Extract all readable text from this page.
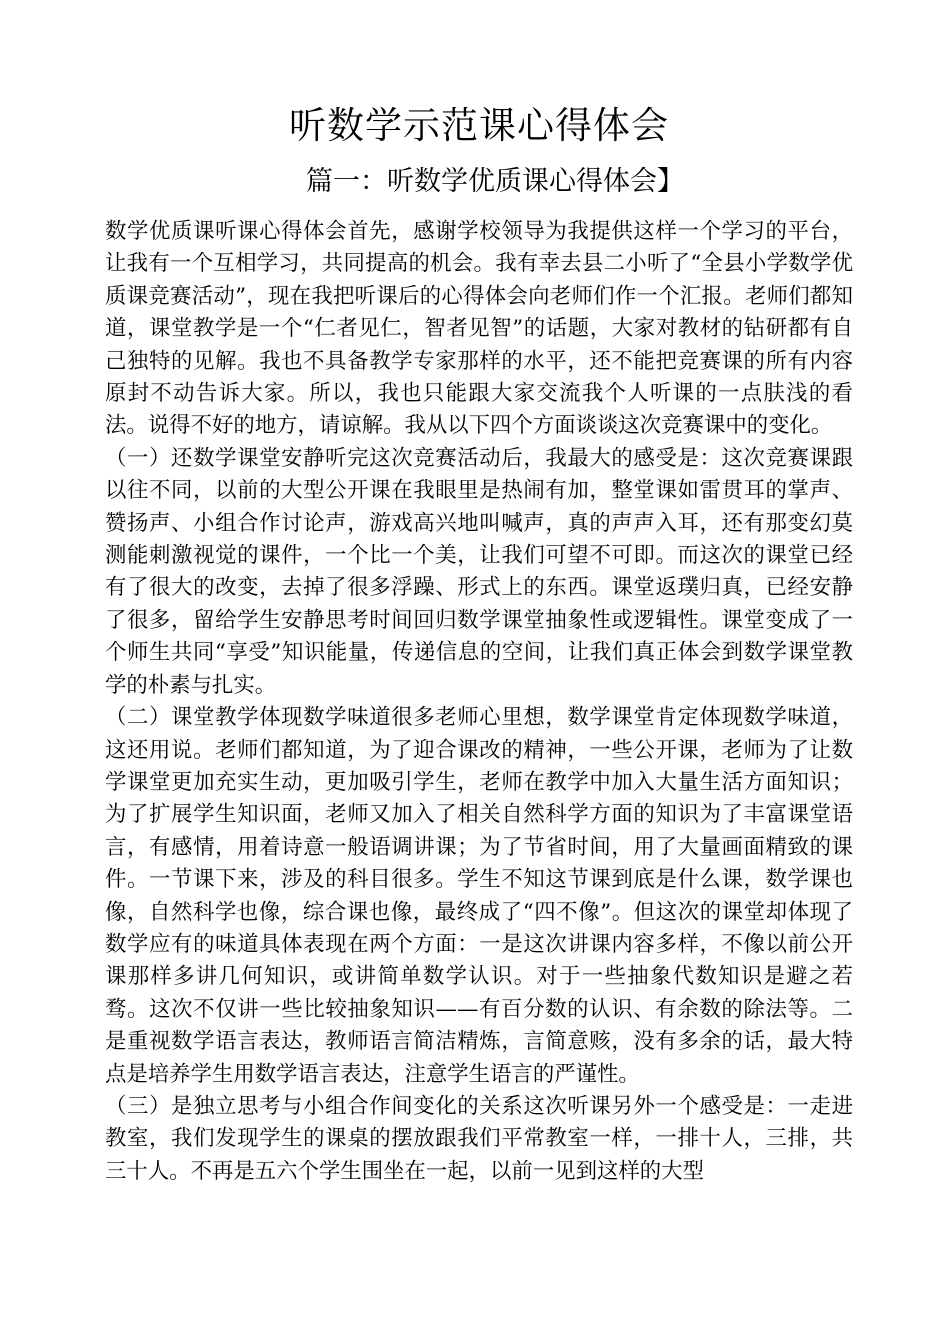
听数学示范课心得体会
篇一：听数学优质课心得体会】

数学优质课听课心得体会首先，感谢学校领导为我提供这样一个学习的平台，让我有一个互相学习，共同提高的机会。我有幸去县二小听了“全县小学数学优质课竞赛活动”，现在我把听课后的心得体会向老师们作一个汇报。老师们都知道，课堂教学是一个“仁者见仁，智者见智”的话题，大家对教材的钻研都有自己独特的见解。我也不具备教学专家那样的水平，还不能把竞赛课的所有内容原封不动告诉大家。所以，我也只能跟大家交流我个人听课的一点肤浅的看法。说得不好的地方，请谅解。我从以下四个方面谈谈这次竞赛课中的变化。

（一）还数学课堂安静听完这次竞赛活动后，我最大的感受是：这次竞赛课跟以往不同，以前的大型公开课在我眼里是热闹有加，整堂课如雷贯耳的掌声、赞扬声、小组合作讨论声，游戏高兴地叫喊声，真的声声入耳，还有那变幻莫测能刺激视觉的课件，一个比一个美，让我们可望不可即。而这次的课堂已经有了很大的改变，去掉了很多浮躁、形式上的东西。课堂返璞归真，已经安静了很多，留给学生安静思考时间回归数学课堂抽象性或逻辑性。课堂变成了一个师生共同“享受”知识能量，传递信息的空间，让我们真正体会到数学课堂教学的朴素与扎实。

（二）课堂教学体现数学味道很多老师心里想，数学课堂肯定体现数学味道，这还用说。老师们都知道，为了迎合课改的精神，一些公开课，老师为了让数学课堂更加充实生动，更加吸引学生，老师在教学中加入大量生活方面知识；为了扩展学生知识面，老师又加入了相关自然科学方面的知识为了丰富课堂语言，有感情，用着诗意一般语调讲课；为了节省时间，用了大量画面精致的课件。一节课下来，涉及的科目很多。学生不知这节课到底是什么课，数学课也像，自然科学也像，综合课也像，最终成了“四不像”。但这次的课堂却体现了数学应有的味道具体表现在两个方面：一是这次讲课内容多样，不像以前公开课那样多讲几何知识，或讲简单数学认识。对于一些抽象代数知识是避之若骛。这次不仅讲一些比较抽象知识——有百分数的认识、有余数的除法等。二是重视数学语言表达，教师语言简洁精炼，言简意赅，没有多余的话，最大特点是培养学生用数学语言表达，注意学生语言的严谨性。

（三）是独立思考与小组合作间变化的关系这次听课另外一个感受是：一走进教室，我们发现学生的课桌的摆放跟我们平常教室一样，一排十人，三排，共三十人。不再是五六个学生围坐在一起，以前一见到这样的大型
